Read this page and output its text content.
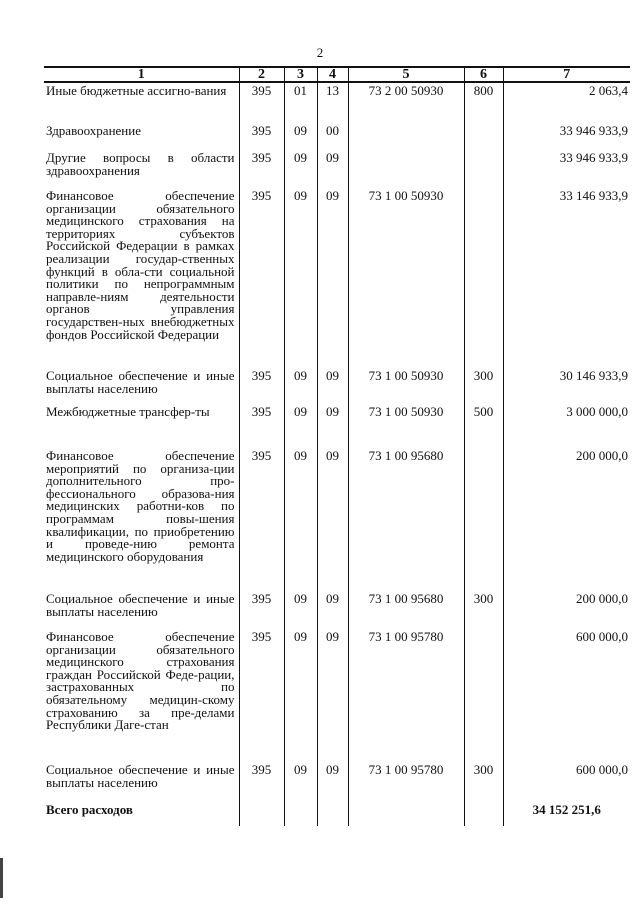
2
1	2	3	4	5	6	7
Иные бюджетные ассигно-вания	395	01	13	73 2 00 50930	800	2 063,4
Здравоохранение	395	09	00			33 946 933,9
Другие вопросы в области здравоохранения	395	09	09			33 946 933,9
Финансовое обеспечение организации обязательного медицинского страхования на территориях субъектов Российской Федерации в рамках реализации государ-ственных функций в обла-сти социальной политики по непрограммным направле-ниям деятельности органов управления государствен-ных внебюджетных фондов Российской Федерации	395	09	09	73 1 00 50930		33 146 933,9
Социальное обеспечение и иные выплаты населению	395	09	09	73 1 00 50930	300	30 146 933,9
Межбюджетные трансфер-ты	395	09	09	73 1 00 50930	500	3 000 000,0
Финансовое обеспечение мероприятий по организа-ции дополнительного про-фессионального образова-ния медицинских работни-ков по программам повы-шения квалификации, по приобретению и проведе-нию ремонта медицинского оборудования	395	09	09	73 1 00 95680		200 000,0
Социальное обеспечение и иные выплаты населению	395	09	09	73 1 00 95680	300	200 000,0
Финансовое обеспечение организации обязательного медицинского страхования граждан Российской Феде-рации, застрахованных по обязательному медицин-скому страхованию за пре-делами Республики Даге-стан	395	09	09	73 1 00 95780		600 000,0
Социальное обеспечение и иные выплаты населению	395	09	09	73 1 00 95780	300	600 000,0
Всего расходов						34 152 251,6
